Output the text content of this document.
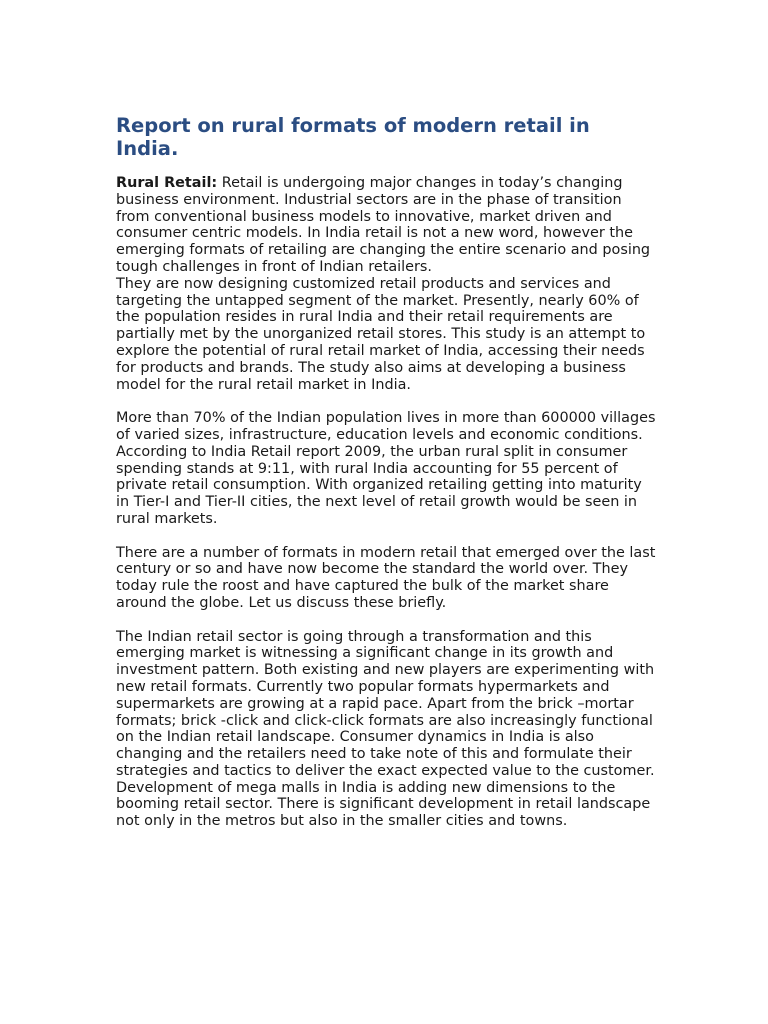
Report on rural formats of modern retail in India.

Rural Retail: Retail is undergoing major changes in today’s changing business environment. Industrial sectors are in the phase of transition from conventional business models to innovative, market driven and consumer centric models. In India retail is not a new word, however the emerging formats of retailing are changing the entire scenario and posing tough challenges in front of Indian retailers.

They are now designing customized retail products and services and targeting the untapped segment of the market. Presently, nearly 60% of the population resides in rural India and their retail requirements are partially met by the unorganized retail stores. This study is an attempt to explore the potential of rural retail market of India, accessing their needs for products and brands. The study also aims at developing a business model for the rural retail market in India.

More than 70% of the Indian population lives in more than 600000 villages of varied sizes, infrastructure, education levels and economic conditions. According to India Retail report 2009, the urban rural split in consumer spending stands at 9:11, with rural India accounting for 55 percent of private retail consumption. With organized retailing getting into maturity in Tier-I and Tier-II cities, the next level of retail growth would be seen in rural markets.

There are a number of formats in modern retail that emerged over the last century or so and have now become the standard the world over. They today rule the roost and have captured the bulk of the market share around the globe. Let us discuss these briefly.

The Indian retail sector is going through a transformation and this emerging market is witnessing a significant change in its growth and investment pattern. Both existing and new players are experimenting with new retail formats. Currently two popular formats hypermarkets and supermarkets are growing at a rapid pace. Apart from the brick –mortar formats; brick -click and click-click formats are also increasingly functional on the Indian retail landscape. Consumer dynamics in India is also changing and the retailers need to take note of this and formulate their strategies and tactics to deliver the exact expected value to the customer. Development of mega malls in India is adding new dimensions to the booming retail sector. There is significant development in retail landscape not only in the metros but also in the smaller cities and towns.
